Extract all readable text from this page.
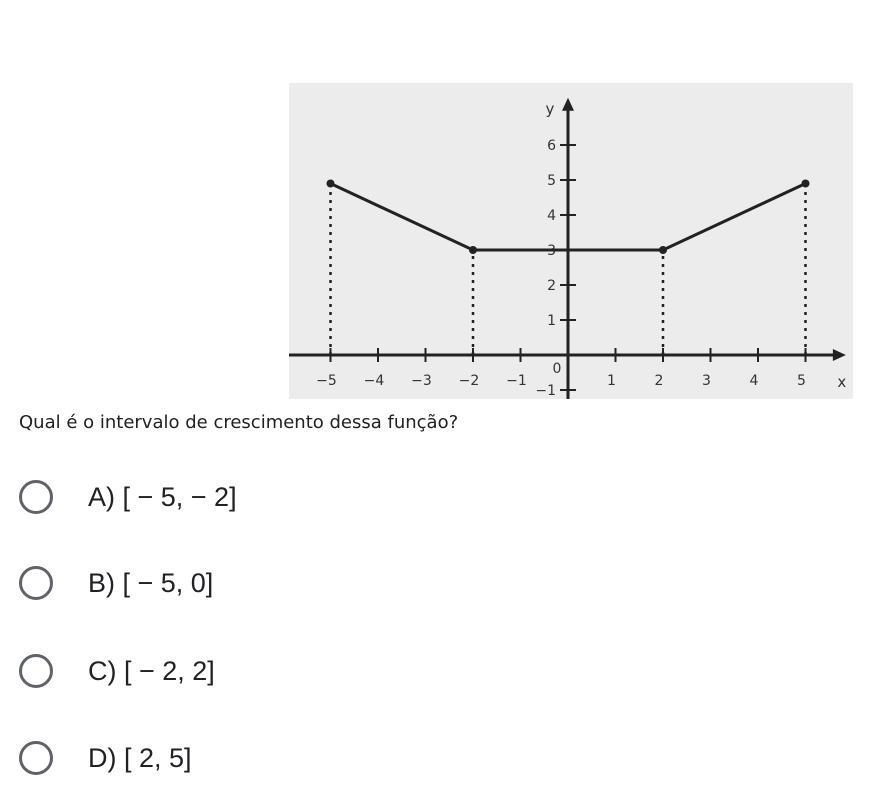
−5 −4 −3 −2 −1	1	2	3	4	5
−1
1
2
3
4
5
6
0
x
y
Qual é o intervalo de crescimento dessa função?
A) [ − 5, − 2]
B) [ − 5, 0]
C) [ − 2, 2]
D) [ 2, 5]
